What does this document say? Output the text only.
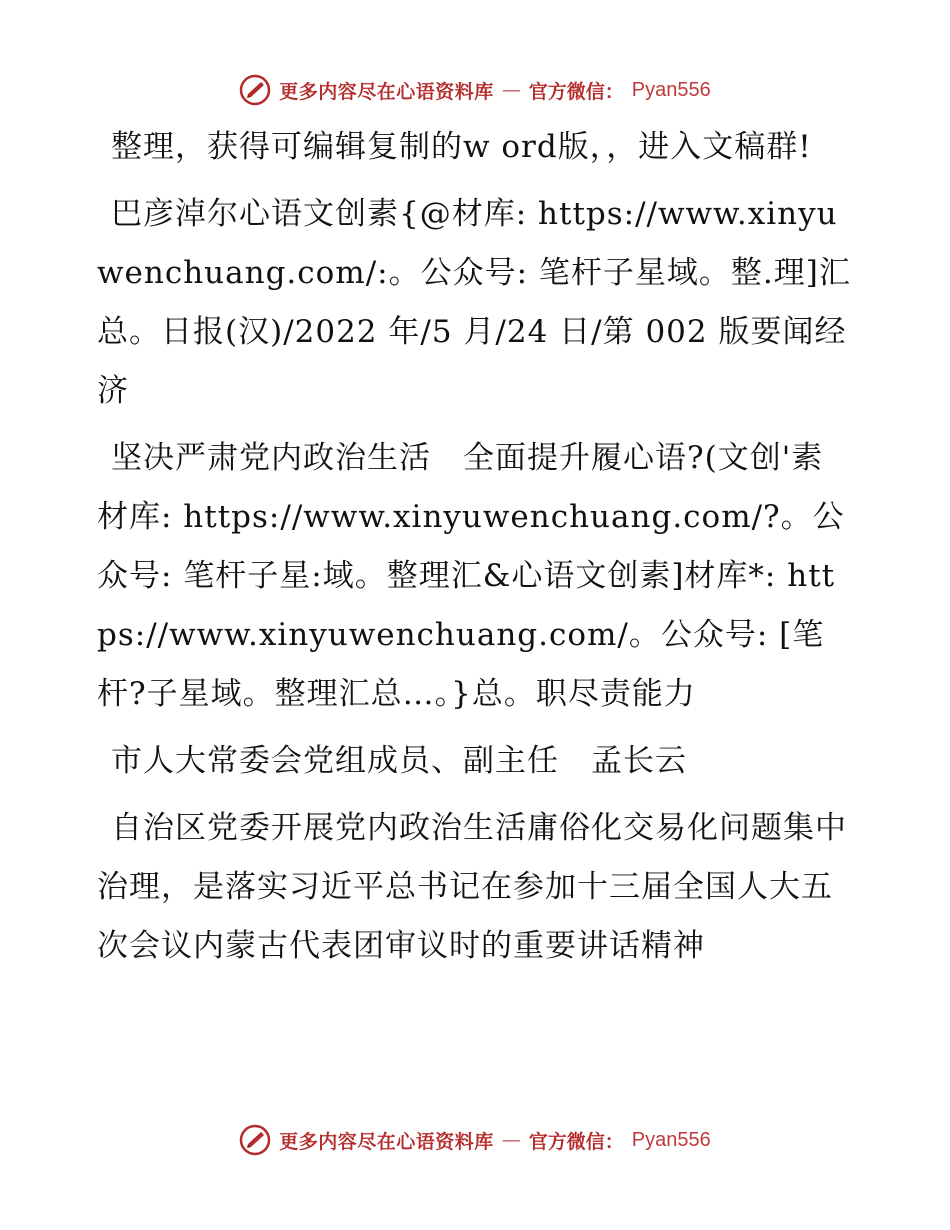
更多内容尽在心语资料库 — 官方微信： Pyan556

整理，获得可编辑复制的w ord版，，进入文稿群!

巴彦淖尔心语文创素{@材库: https://www.xinyuwenchuang.com/:。公众号: 笔杆子星域。整.理]汇总。日报(汉)/2022 年/5 月/24 日/第 002 版要闻经济

坚决严肃党内政治生活　全面提升履心语?(文创'素材库: https://www.xinyuwenchuang.com/?。公众号: 笔杆子星:域。整理汇&心语文创素]材库*: https://www.xinyuwenchuang.com/。公众号: [笔杆?子星域。整理汇总…。}总。职尽责能力

市人大常委会党组成员、副主任　孟长云

自治区党委开展党内政治生活庸俗化交易化问题集中治理，是落实习近平总书记在参加十三届全国人大五次会议内蒙古代表团审议时的重要讲话精神

更多内容尽在心语资料库 — 官方微信： Pyan556
